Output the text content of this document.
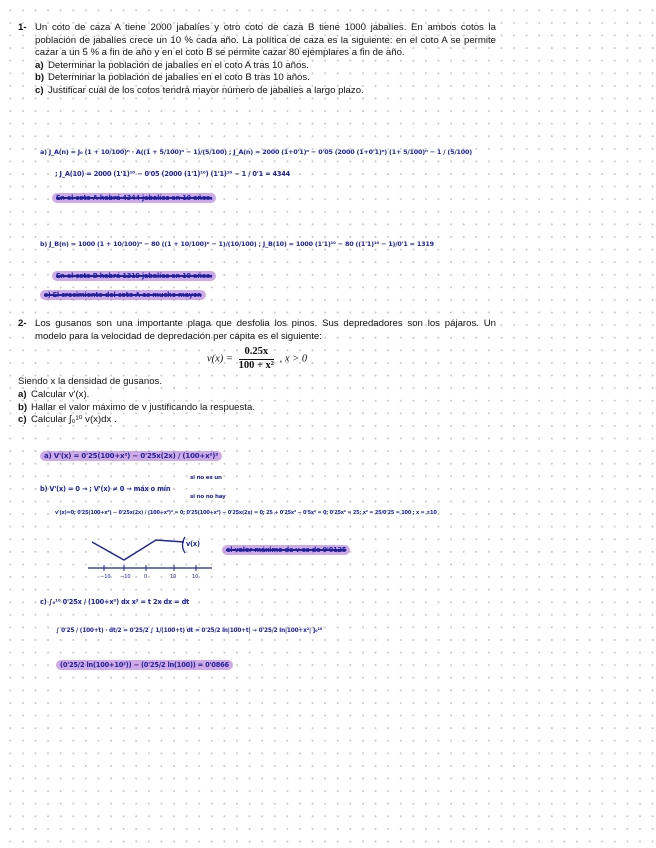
1- Un coto de caza A tiene 2000 jabalíes y otro coto de caza B tiene 1000 jabalíes. En ambos cotos la población de jabalíes crece un 10 % cada año. La política de caza es la siguiente: en el coto A se permite cazar a un 5 % a fin de año y en el coto B se permite cazar 80 ejemplares a fin de año.

a) Determinar la población de jabalíes en el coto A tras 10 años.
b) Determinar la población de jabalíes en el coto B tras 10 años.
c) Justificar cuál de los cotos tendrá mayor número de jabalíes a largo plazo.
a) J_A(n) = J₀ (1 + 10/100)ⁿ · A((1 + 5/100)ⁿ − 1)/(5/100) ; J_A(n) = 2000 (1+0'1)ⁿ − 0'05 (2000 (1+0'1)ⁿ) (1+ 5/100)ⁿ − 1 / (5/100)
; J_A(10) = 2000 (1'1)¹⁰ − 0'05 (2000 (1'1)¹⁰) (1'1)¹⁰ − 1 / 0'1 = 4344
En el coto A habrá 4344 jabalíes en 10 años.
b) J_B(n) = 1000 (1 + 10/100)ⁿ − 80 ((1 + 10/100)ⁿ − 1)/(10/100) ; J_B(10) = 1000 (1'1)¹⁰ − 80 ((1'1)¹⁰ − 1)/0'1 = 1319
En el coto B habrá 1319 jabalíes en 10 años.
c) El crecimiento del coto A es mucho mayor.
2- Los gusanos son una importante plaga que desfolia los pinos. Sus depredadores son los pájaros. Un modelo para la velocidad de depredación per cápita es el siguiente:

$v(x) = \frac{0.25x}{\text{100 + x²}}$ , x > 0

Siendo x la densidad de gusanos.

a) Calcular v'(x).
b) Hallar el valor máximo de v justificando la respuesta.
c) Calcular ∫₀¹⁰ v(x)dx .
a) V'(x) = 0'25(100+x²) − 0'25x(2x) / (100+x²)²
si no es un
b) V'(x) = 0 → ; V'(x) ≠ 0 → máx o mín
si no no hay
v'(x)=0; 0'25(100+x²) − 0'25x(2x) / (100+x²)² = 0; 0'25(100+x²) − 0'25x(2x) = 0; 25 + 0'25x² − 0'5x² = 0; 0'25x² = 25; x² = 25/0'25 = 100 ; x = ±10
−10 −10	0	10	10
v(x)
el valor máximo de v es de 0'0125
c) ∫₀¹⁰ 0'25x / (100+x²) dx x² = t 2x dx = dt
∫ 0'25 / (100+t) · dt/2 = 0'25/2 ∫ 1/(100+t) dt = 0'25/2 ln|100+t| → 0'25/2 ln|100+x²| ]₀¹⁰
(0'25/2 ln(100+10²)) − (0'25/2 ln(100)) = 0'0866
